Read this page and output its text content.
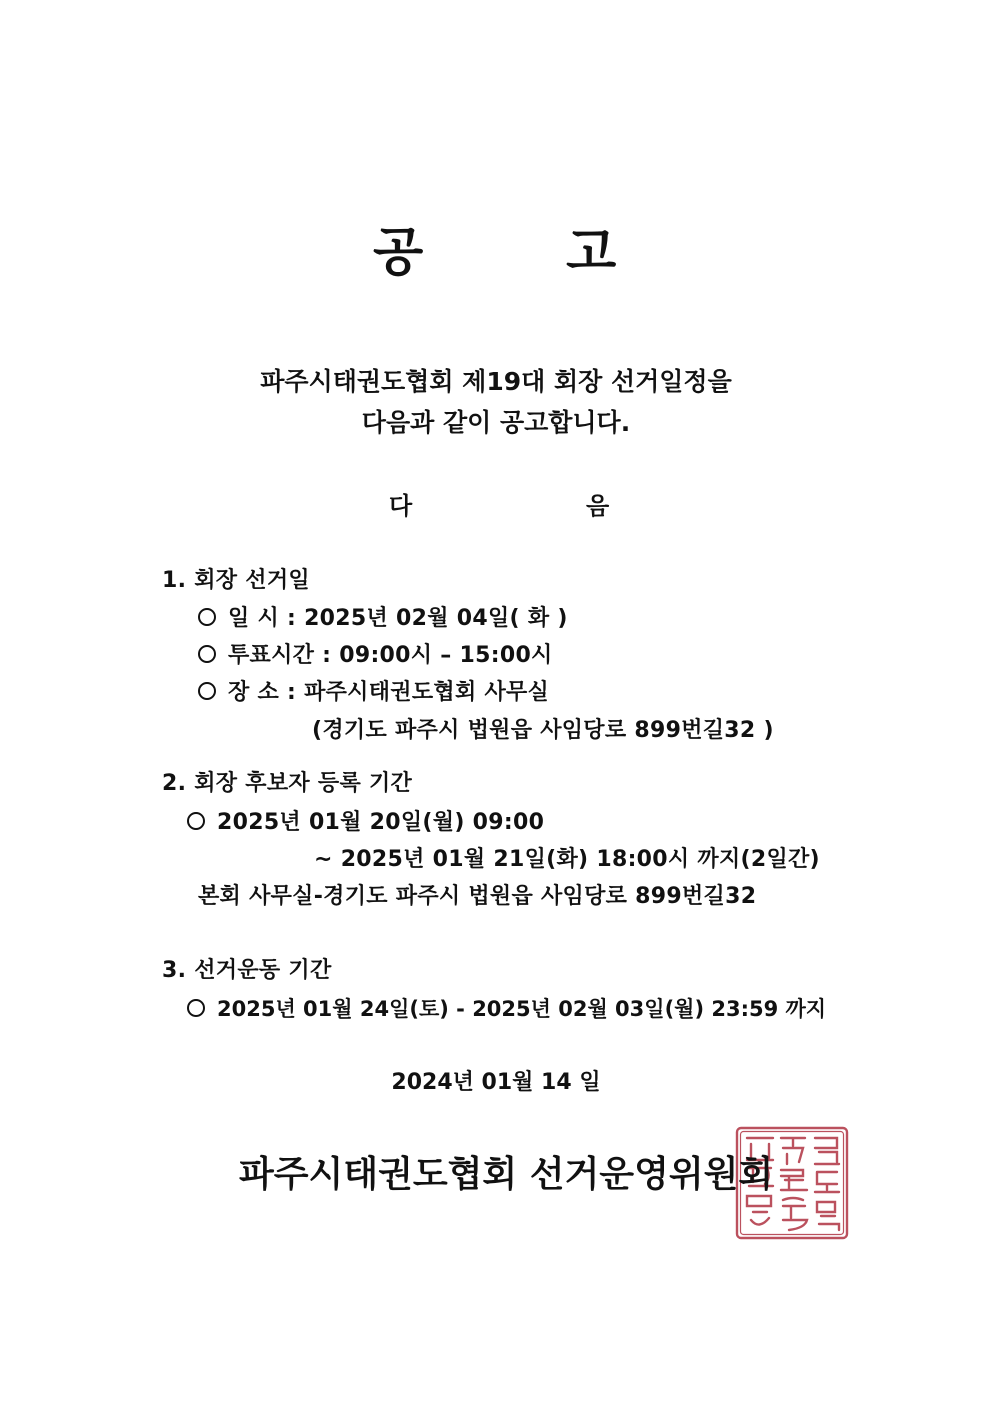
공	고
파주시태권도협회 제19대 회장 선거일정을
다음과 같이 공고합니다.
다	음
1. 회장 선거일
일 시 : 2025년 02월 04일( 화 )
투표시간 : 09:00시 – 15:00시
장 소 : 파주시태권도협회 사무실
(경기도 파주시 법원읍 사임당로 899번길32 )
2. 회장 후보자 등록 기간
2025년 01월 20일(월) 09:00
~ 2025년 01월 21일(화) 18:00시 까지(2일간)
본회 사무실-경기도 파주시 법원읍 사임당로 899번길32
3. 선거운동 기간
2025년 01월 24일(토) - 2025년 02월 03일(월) 23:59 까지
2024년 01월 14 일
파주시태권도협회 선거운영위원회
